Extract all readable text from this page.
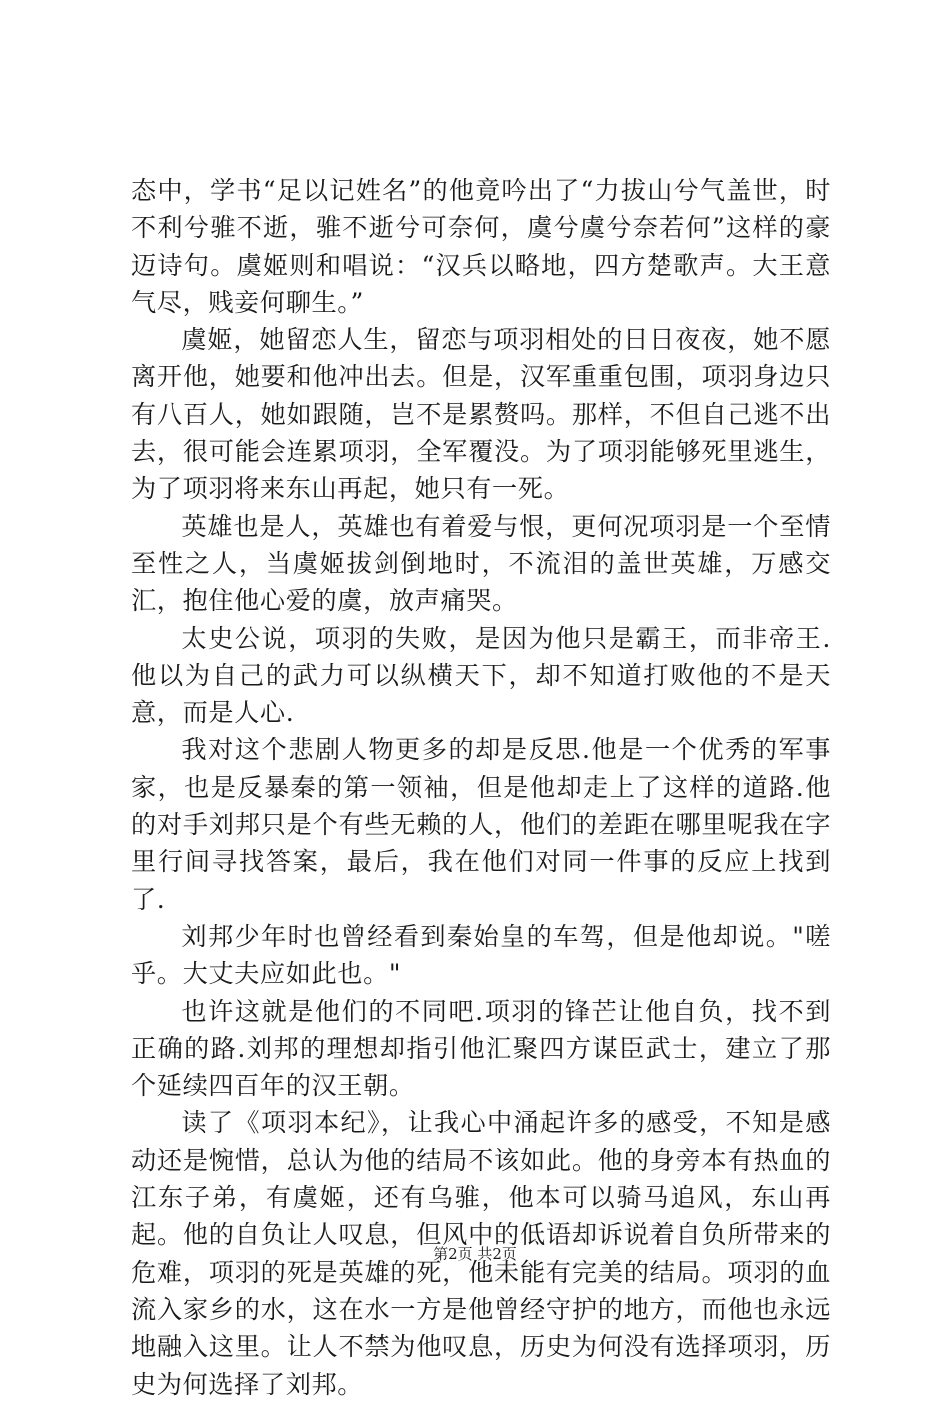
态中，学书“足以记姓名”的他竟吟出了“力拔山兮气盖世，时不利兮骓不逝，骓不逝兮可奈何，虞兮虞兮奈若何”这样的豪迈诗句。虞姬则和唱说：“汉兵以略地，四方楚歌声。大王意气尽，贱妾何聊生。”

虞姬，她留恋人生，留恋与项羽相处的日日夜夜，她不愿离开他，她要和他冲出去。但是，汉军重重包围，项羽身边只有八百人，她如跟随，岂不是累赘吗。那样，不但自己逃不出去，很可能会连累项羽，全军覆没。为了项羽能够死里逃生，为了项羽将来东山再起，她只有一死。

英雄也是人，英雄也有着爱与恨，更何况项羽是一个至情至性之人，当虞姬拔剑倒地时，不流泪的盖世英雄，万感交汇，抱住他心爱的虞，放声痛哭。

太史公说，项羽的失败，是因为他只是霸王，而非帝王.他以为自己的武力可以纵横天下，却不知道打败他的不是天意，而是人心.

我对这个悲剧人物更多的却是反思.他是一个优秀的军事家，也是反暴秦的第一领袖，但是他却走上了这样的道路.他的对手刘邦只是个有些无赖的人，他们的差距在哪里呢我在字里行间寻找答案，最后，我在他们对同一件事的反应上找到了.

刘邦少年时也曾经看到秦始皇的车驾，但是他却说。"嗟乎。大丈夫应如此也。"

也许这就是他们的不同吧.项羽的锋芒让他自负，找不到正确的路.刘邦的理想却指引他汇聚四方谋臣武士，建立了那个延续四百年的汉王朝。

读了《项羽本纪》，让我心中涌起许多的感受，不知是感动还是惋惜，总认为他的结局不该如此。他的身旁本有热血的江东子弟，有虞姬，还有乌骓，他本可以骑马追风，东山再起。他的自负让人叹息，但风中的低语却诉说着自负所带来的危难，项羽的死是英雄的死，他未能有完美的结局。项羽的血流入家乡的水，这在水一方是他曾经守护的地方，而他也永远地融入这里。让人不禁为他叹息，历史为何没有选择项羽，历史为何选择了刘邦。

第2页 共2页
